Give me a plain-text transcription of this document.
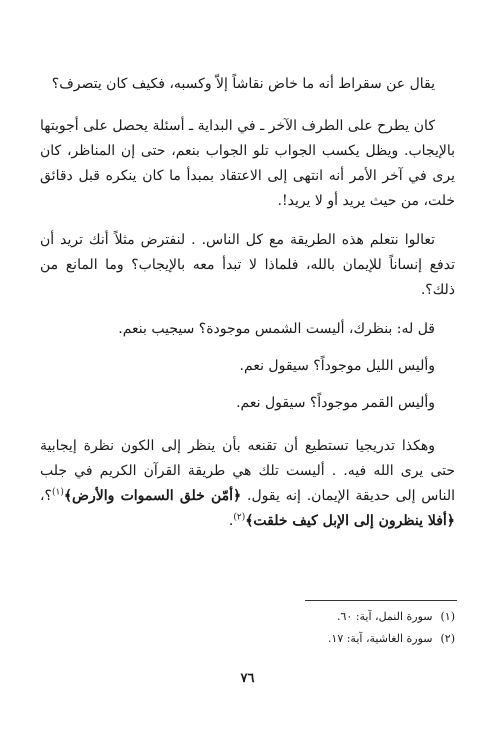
يقال عن سقراط أنه ما خاض نقاشاً إلاّ وكسبه، فكيف كان يتصرف؟

كان يطرح على الطرف الآخر ـ في البداية ـ أسئلة يحصل على أجوبتها بالإيجاب. ويظل يكسب الجواب تلو الجواب بنعم، حتى إن المناظر، كان يرى في آخر الأمر أنه انتهى إلى الاعتقاد بمبدأ ما كان ينكره قبل دقائق خلت، من حيث يريد أو لا يريد!.

تعالوا نتعلم هذه الطريقة مع كل الناس. . لنفترض مثلاً أنك تريد أن تدفع إنساناً للإيمان بالله، فلماذا لا تبدأ معه بالإيجاب؟ وما المانع من ذلك؟.

قل له: بنظرك، أليست الشمس موجودة؟ سيجيب بنعم.

وأليس الليل موجوداً؟ سيقول نعم.

وأليس القمر موجوداً؟ سيقول نعم.

وهكذا تدريجيا تستطيع أن تقنعه بأن ينظر إلى الكون نظرة إيجابية حتى يرى الله فيه. . أليست تلك هي طريقة القرآن الكريم في جلب الناس إلى حديقة الإيمان. إنه يقول. ﴿أمّن خلق السموات والأرض﴾$^{(١)}$؟، ﴿أفلا ينظرون إلى الإبل كيف خلقت﴾$^{(٢)}$.

(١)سورة النمل، آية: ٦٠.

(٢)سورة الغاشية، آية: ١٧.

٧٦
